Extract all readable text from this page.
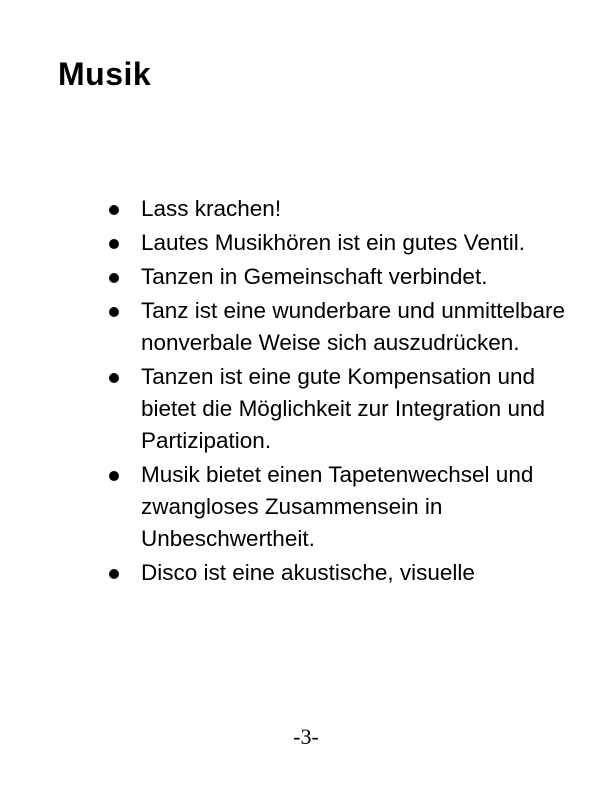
Musik
Lass krachen!
Lautes Musikhören ist ein gutes Ventil.
Tanzen in Gemeinschaft verbindet.
Tanz ist eine wunderbare und unmittelbare nonverbale Weise sich auszudrücken.
Tanzen ist eine gute Kompensation und bietet die Möglichkeit zur Integration und Partizipation.
Musik bietet einen Tapetenwechsel und zwangloses Zusammensein in Unbeschwertheit.
Disco ist eine akustische, visuelle
-3-
